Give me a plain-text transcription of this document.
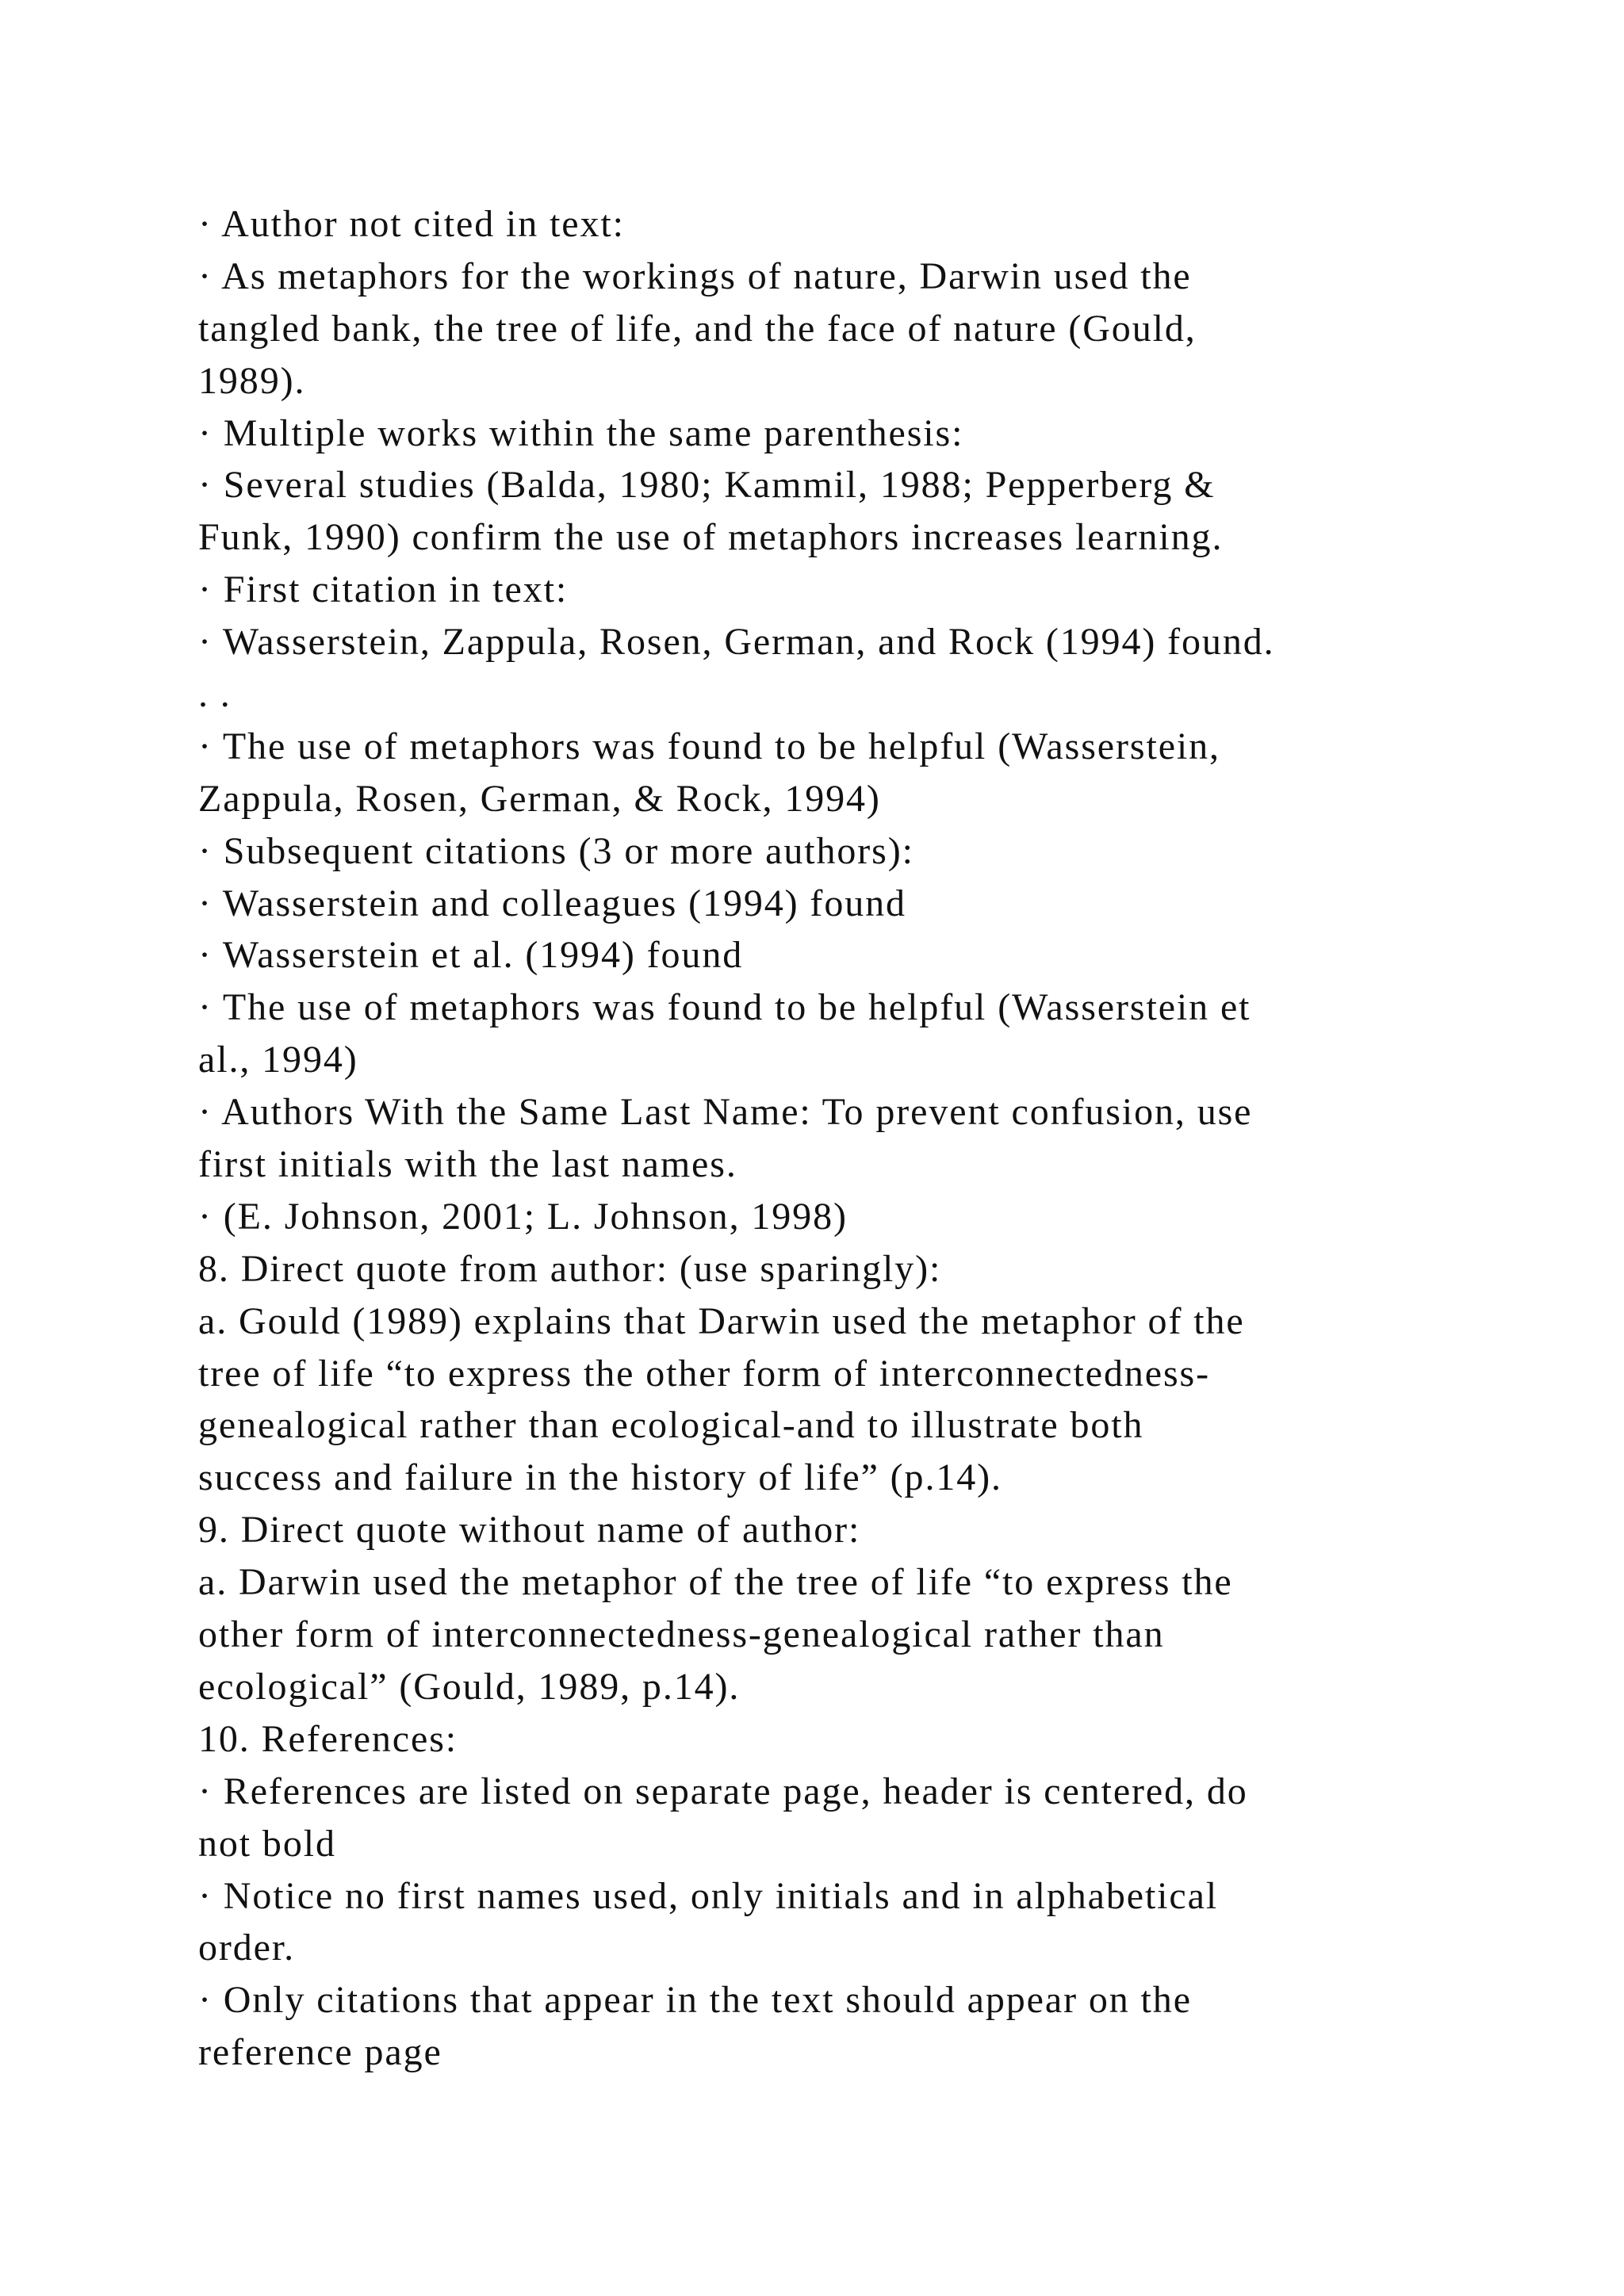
· Author not cited in text:
· As metaphors for the workings of nature, Darwin used the
tangled bank, the tree of life, and the face of nature (Gould,
1989).
· Multiple works within the same parenthesis:
· Several studies (Balda, 1980; Kammil, 1988; Pepperberg &
Funk, 1990) confirm the use of metaphors increases learning.
· First citation in text:
· Wasserstein, Zappula, Rosen, German, and Rock (1994) found.
. .
· The use of metaphors was found to be helpful (Wasserstein,
Zappula, Rosen, German, & Rock, 1994)
· Subsequent citations (3 or more authors):
· Wasserstein and colleagues (1994) found
· Wasserstein et al. (1994) found
· The use of metaphors was found to be helpful (Wasserstein et
al., 1994)
· Authors With the Same Last Name: To prevent confusion, use
first initials with the last names.
· (E. Johnson, 2001; L. Johnson, 1998)
8. Direct quote from author: (use sparingly):
a. Gould (1989) explains that Darwin used the metaphor of the
tree of life “to express the other form of interconnectedness-
genealogical rather than ecological-and to illustrate both
success and failure in the history of life” (p.14).
9. Direct quote without name of author:
a. Darwin used the metaphor of the tree of life “to express the
other form of interconnectedness-genealogical rather than
ecological” (Gould, 1989, p.14).
10. References:
· References are listed on separate page, header is centered, do
not bold
· Notice no first names used, only initials and in alphabetical
order.
· Only citations that appear in the text should appear on the
reference page
